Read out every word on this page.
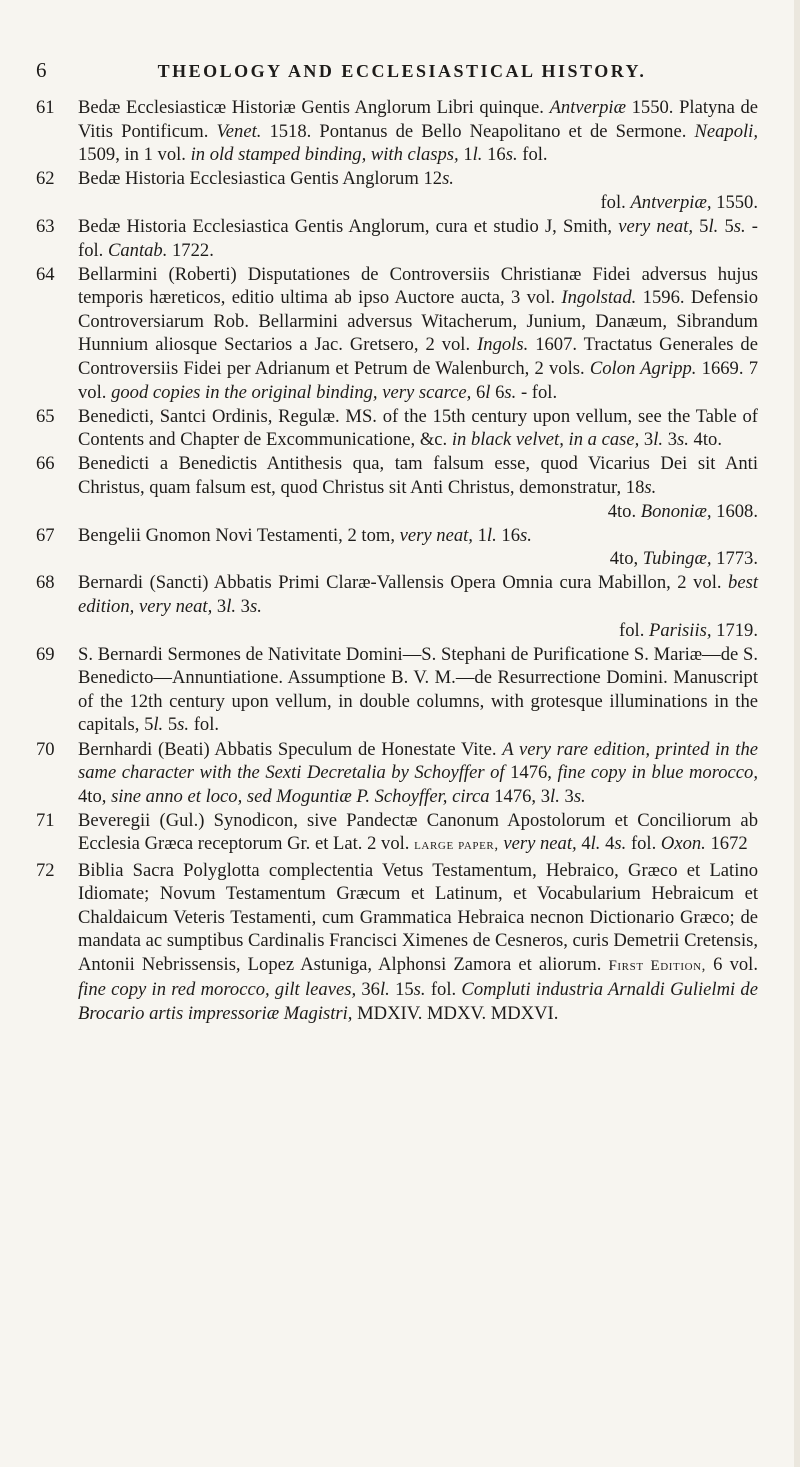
6	THEOLOGY AND ECCLESIASTICAL HISTORY.
61	Bedæ Ecclesiasticæ Historiæ Gentis Anglorum Libri quinque. Antverpiæ 1550. Platyna de Vitis Pontificum. Venet. 1518. Pontanus de Bello Neapolitano et de Sermone. Neapoli, 1509, in 1 vol. in old stamped binding, with clasps, 1l. 16s. fol.
62	Bedæ Historia Ecclesiastica Gentis Anglorum 12s.
fol. Antverpiæ, 1550.
63	Bedæ Historia Ecclesiastica Gentis Anglorum, cura et studio J, Smith, very neat, 5l. 5s. - fol. Cantab. 1722.
64	Bellarmini (Roberti) Disputationes de Controversiis Christianæ Fidei adversus hujus temporis hæreticos, editio ultima ab ipso Auctore aucta, 3 vol. Ingolstad. 1596. Defensio Controversiarum Rob. Bellarmini adversus Witacherum, Junium, Danæum, Sibrandum Hunnium aliosque Sectarios a Jac. Gretsero, 2 vol. Ingols. 1607. Tractatus Generales de Controversiis Fidei per Adrianum et Petrum de Walenburch, 2 vols. Colon Agripp. 1669. 7 vol. good copies in the original binding, very scarce, 6l 6s. - fol.
65	Benedicti, Santci Ordinis, Regulæ. MS. of the 15th century upon vellum, see the Table of Contents and Chapter de Excommunicatione, &c. in black velvet, in a case, 3l. 3s. 4to.
66	Benedicti a Benedictis Antithesis qua, tam falsum esse, quod Vicarius Dei sit Anti Christus, quam falsum est, quod Christus sit Anti Christus, demonstratur, 18s.
4to. Bononiæ, 1608.
67	Bengelii Gnomon Novi Testamenti, 2 tom, very neat, 1l. 16s.
4to, Tubingæ, 1773.
68	Bernardi (Sancti) Abbatis Primi Claræ-Vallensis Opera Omnia cura Mabillon, 2 vol. best edition, very neat, 3l. 3s.
fol. Parisiis, 1719.
69	S. Bernardi Sermones de Nativitate Domini—S. Stephani de Purificatione S. Mariæ—de S. Benedicto—Annuntiatione. Assumptione B. V. M.—de Resurrectione Domini. Manuscript of the 12th century upon vellum, in double columns, with grotesque illuminations in the capitals, 5l. 5s. fol.
70	Bernhardi (Beati) Abbatis Speculum de Honestate Vite. A very rare edition, printed in the same character with the Sexti Decretalia by Schoyffer of 1476, fine copy in blue morocco, 4to, sine anno et loco, sed Moguntiæ P. Schoyffer, circa 1476, 3l. 3s.
71	Beveregii (Gul.) Synodicon, sive Pandectæ Canonum Apostolorum et Conciliorum ab Ecclesia Græca receptorum Gr. et Lat. 2 vol. large paper, very neat, 4l. 4s. fol. Oxon. 1672
72	Biblia Sacra Polyglotta complectentia Vetus Testamentum, Hebraico, Græco et Latino Idiomate; Novum Testamentum Græcum et Latinum, et Vocabularium Hebraicum et Chaldaicum Veteris Testamenti, cum Grammatica Hebraica necnon Dictionario Græco; de mandata ac sumptibus Cardinalis Francisci Ximenes de Cesneros, curis Demetrii Cretensis, Antonii Nebrissensis, Lopez Astuniga, Alphonsi Zamora et aliorum. First Edition, 6 vol. fine copy in red morocco, gilt leaves, 36l. 15s. fol. Compluti industria Arnaldi Gulielmi de Brocario artis impressoriæ Magistri, MDXIV. MDXV. MDXVI.
